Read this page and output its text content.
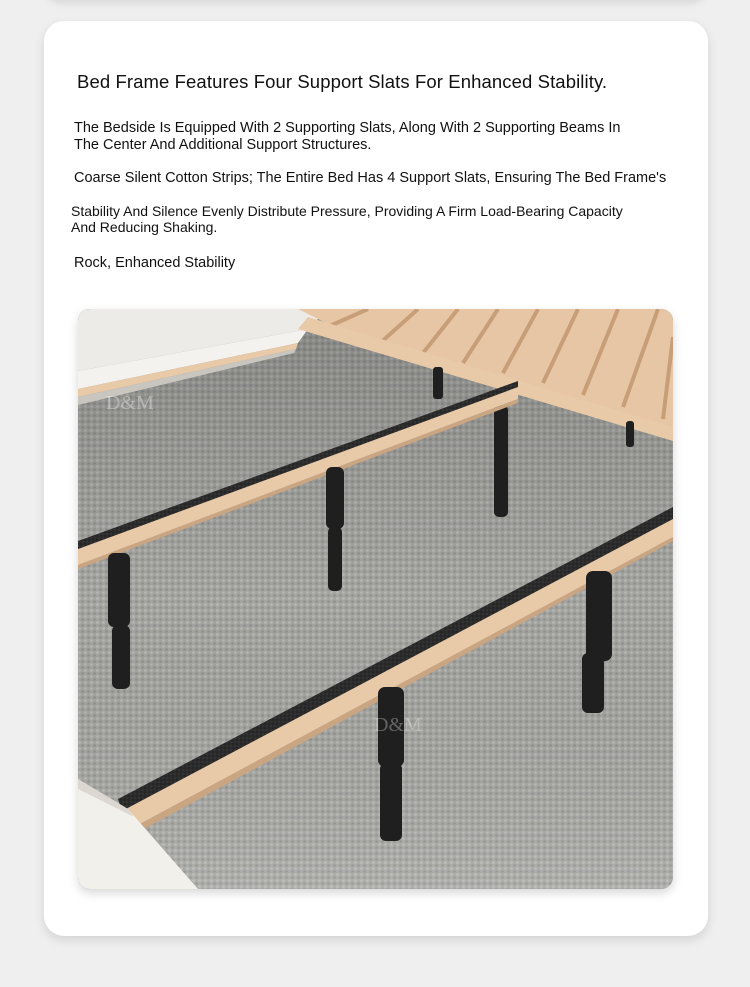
Bed Frame Features Four Support Slats For Enhanced Stability.

The Bedside Is Equipped With 2 Supporting Slats, Along With 2 Supporting Beams In
The Center And Additional Support Structures.

Coarse Silent Cotton Strips; The Entire Bed Has 4 Support Slats, Ensuring The Bed Frame's

Stability And Silence Evenly Distribute Pressure, Providing A Firm Load-Bearing Capacity
And Reducing Shaking.

Rock, Enhanced Stability

D&M
D&M
